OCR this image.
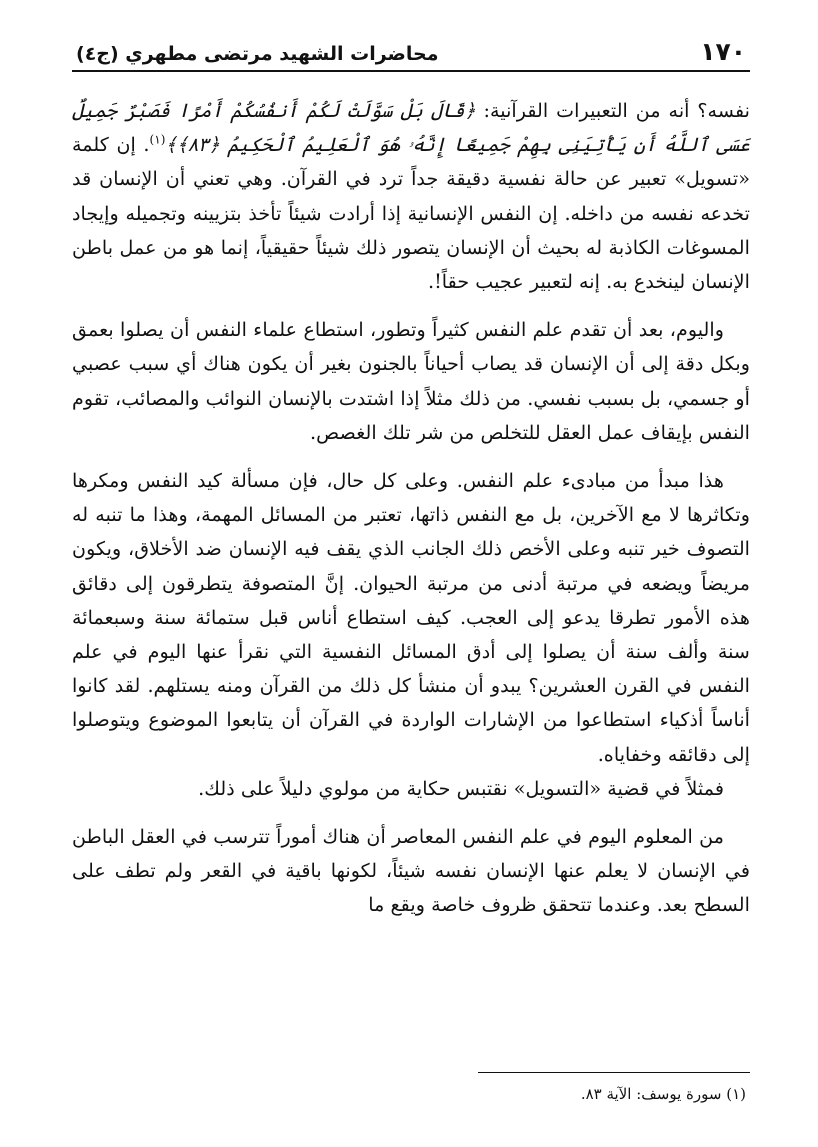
١٧٠
محاضرات الشهيد مرتضى مطهري (ج٤)

نفسه؟ أنه من التعبيرات القرآنية: ﴿قَالَ بَلْ سَوَّلَتْ لَكُمْ أَنفُسُكُمْ أَمْرًا فَصَبْرٌ جَمِيلٌ عَسَى ٱللَّهُ أَن يَأْتِيَنِى بِهِمْ جَمِيعًا إِنَّهُۥ هُوَ ٱلْعَلِيمُ ٱلْحَكِيمُ ﴿٨٣﴾﴾$^{(١)}$. إن كلمة «تسويل» تعبير عن حالة نفسية دقيقة جداً ترد في القرآن. وهي تعني أن الإنسان قد تخدعه نفسه من داخله. إن النفس الإنسانية إذا أرادت شيئاً تأخذ بتزيينه وتجميله وإيجاد المسوغات الكاذبة له بحيث أن الإنسان يتصور ذلك شيئاً حقيقياً، إنما هو من عمل باطن الإنسان لينخدع به. إنه لتعبير عجيب حقاً!.

واليوم، بعد أن تقدم علم النفس كثيراً وتطور، استطاع علماء النفس أن يصلوا بعمق وبكل دقة إلى أن الإنسان قد يصاب أحياناً بالجنون بغير أن يكون هناك أي سبب عصبي أو جسمي، بل بسبب نفسي. من ذلك مثلاً إذا اشتدت بالإنسان النوائب والمصائب، تقوم النفس بإيقاف عمل العقل للتخلص من شر تلك الغصص.

هذا مبدأ من مبادىء علم النفس. وعلى كل حال، فإن مسألة كيد النفس ومكرها وتكاثرها لا مع الآخرين، بل مع النفس ذاتها، تعتبر من المسائل المهمة، وهذا ما تنبه له التصوف خير تنبه وعلى الأخص ذلك الجانب الذي يقف فيه الإنسان ضد الأخلاق، ويكون مريضاً ويضعه في مرتبة أدنى من مرتبة الحيوان. إنَّ المتصوفة يتطرقون إلى دقائق هذه الأمور تطرقا يدعو إلى العجب. كيف استطاع أناس قبل ستمائة سنة وسبعمائة سنة وألف سنة أن يصلوا إلى أدق المسائل النفسية التي نقرأ عنها اليوم في علم النفس في القرن العشرين؟ يبدو أن منشأ كل ذلك من القرآن ومنه يستلهم. لقد كانوا أناساً أذكياء استطاعوا من الإشارات الواردة في القرآن أن يتابعوا الموضوع ويتوصلوا إلى دقائقه وخفاياه.

فمثلاً في قضية «التسويل» نقتبس حكاية من مولوي دليلاً على ذلك.

من المعلوم اليوم في علم النفس المعاصر أن هناك أموراً تترسب في العقل الباطن في الإنسان لا يعلم عنها الإنسان نفسه شيئاً، لكونها باقية في القعر ولم تطف على السطح بعد. وعندما تتحقق ظروف خاصة ويقع ما

(١) سورة يوسف: الآية ٨٣.
